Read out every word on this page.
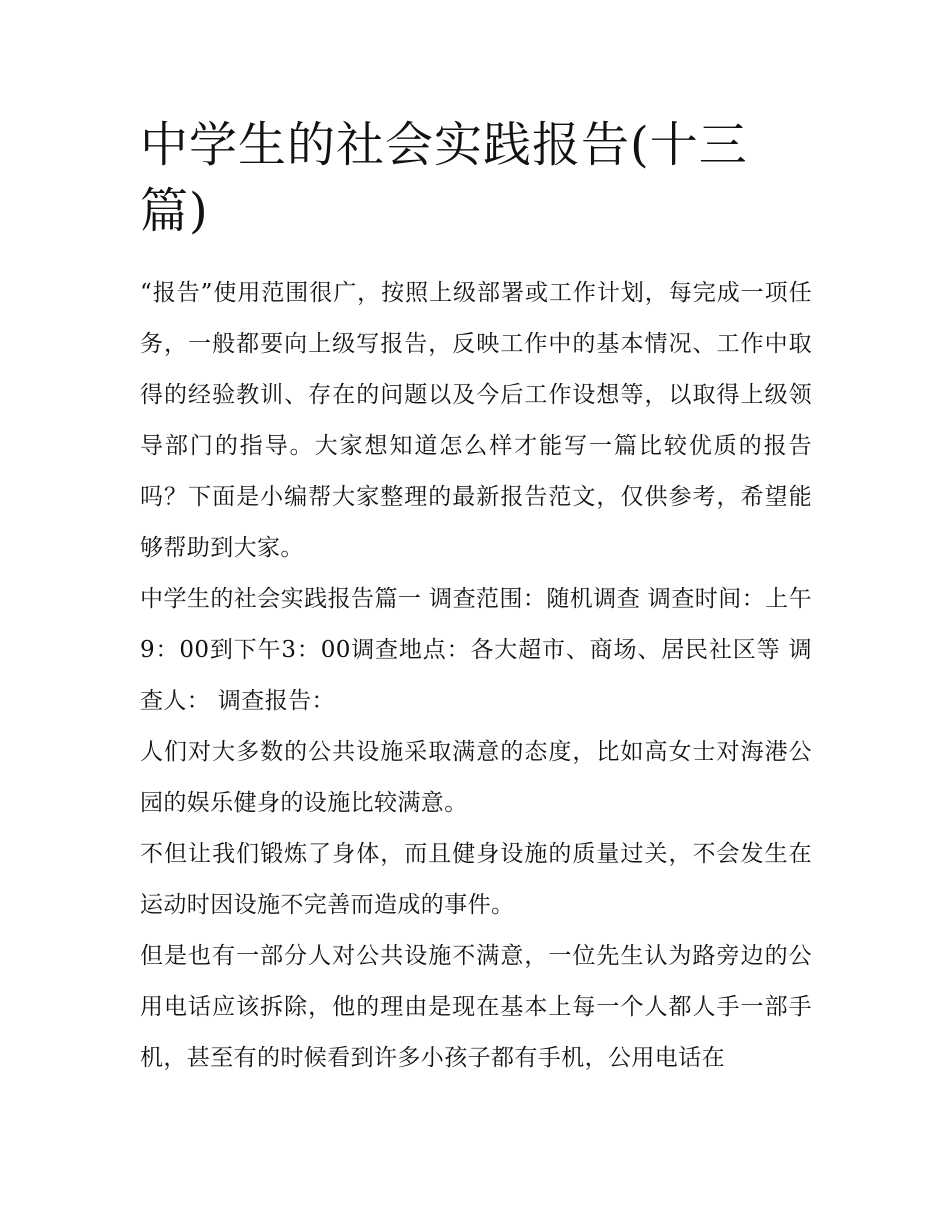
中学生的社会实践报告(十三篇)

“报告”使用范围很广，按照上级部署或工作计划，每完成一项任务，一般都要向上级写报告，反映工作中的基本情况、工作中取得的经验教训、存在的问题以及今后工作设想等，以取得上级领导部门的指导。大家想知道怎么样才能写一篇比较优质的报告吗？下面是小编帮大家整理的最新报告范文，仅供参考，希望能够帮助到大家。

中学生的社会实践报告篇一 调查范围：随机调查 调查时间：上午9：00到下午3：00调查地点：各大超市、商场、居民社区等 调查人： 调查报告：

人们对大多数的公共设施采取满意的态度，比如高女士对海港公园的娱乐健身的设施比较满意。

不但让我们锻炼了身体，而且健身设施的质量过关，不会发生在运动时因设施不完善而造成的事件。

但是也有一部分人对公共设施不满意，一位先生认为路旁边的公用电话应该拆除，他的理由是现在基本上每一个人都人手一部手机，甚至有的时候看到许多小孩子都有手机，公用电话在
